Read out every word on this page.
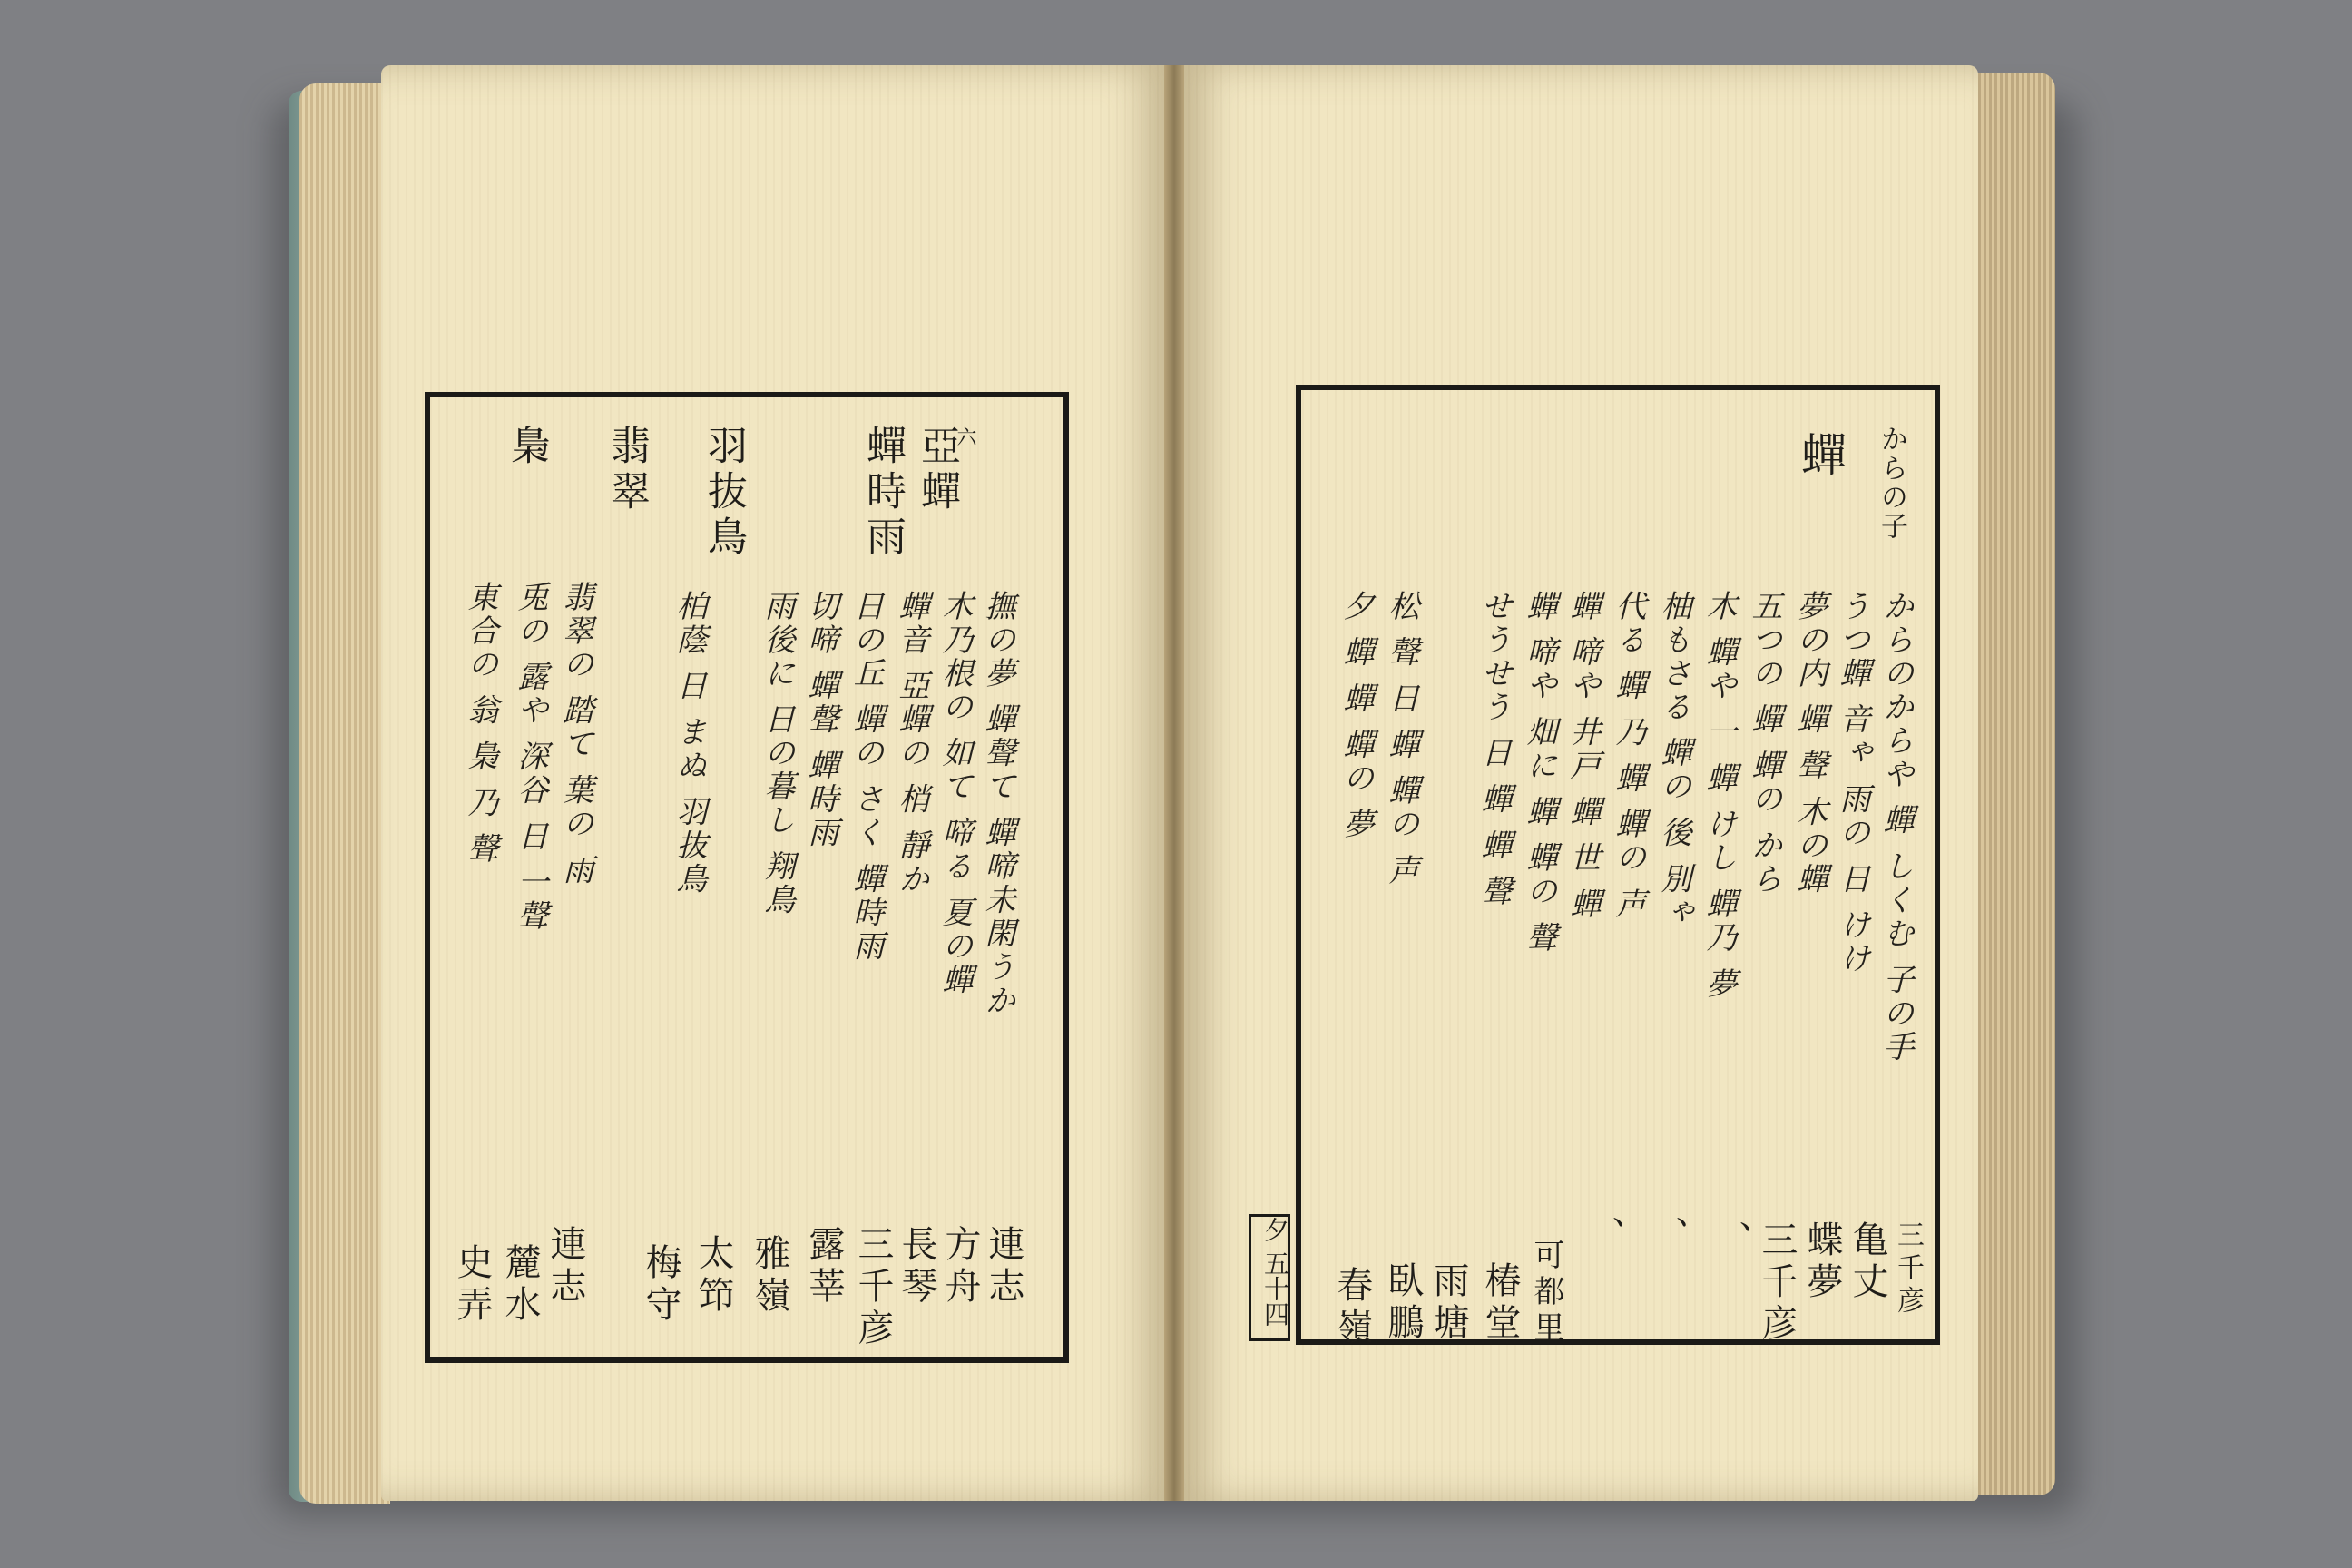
六
亞蟬
蟬時雨
羽抜鳥
翡翠
梟
撫の夢 蟬聲て 蟬啼未閑うか
木乃根の 如て 啼る 夏の蟬
蟬音 亞蟬の 梢 靜か
日の丘 蟬の さく 蟬時雨
切啼 蟬聲 蟬時雨
雨後に 日の暮し 翔鳥
柏蔭 日 まぬ 羽抜鳥
翡翠の 踏て 葉の 雨
兎の 露や 深谷 日 一聲
東合の 翁 梟 乃 聲
連志
方舟
長琴
三千彦
露莘
雅嶺
太笻
梅守
連志
麓水
史弄
からの子
蟬
からのからや 蟬 しくむ 子の手
うつ蟬 音ゃ 雨の 日 けけ
夢の内 蟬 聲 木の蟬
五つの 蟬 蟬の から
木 蟬や 一 蟬 けし 蟬乃 夢
柚もさる 蟬の 後 別ゃ
代る 蟬 乃 蟬 蟬の 声
蟬 啼や 井戸 蟬 世 蟬
蟬 啼や 畑に 蟬 蟬の 聲
せうせう 日 蟬 蟬 聲
松 聲 日 蟬 蟬の 声
夕 蟬 蟬 蟬の 夢
三千彦
亀丈
蝶夢
三千彦
、
、
、
可都里
椿堂
雨塘
臥鵬
春嶺
夕 五十四
